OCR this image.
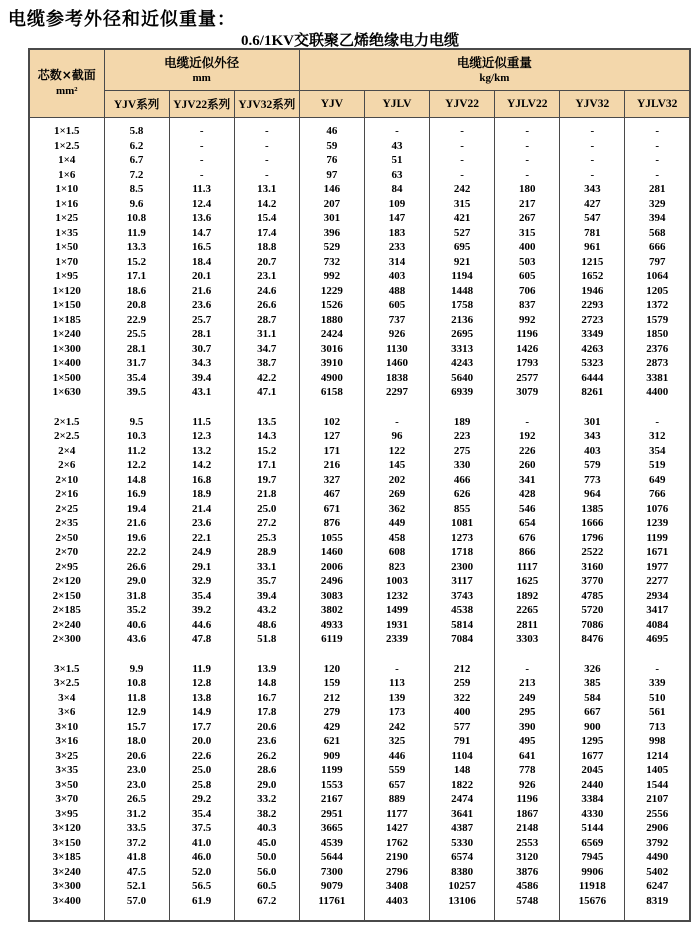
电缆参考外径和近似重量：
0.6/1KV交联聚乙烯绝缘电力电缆
芯数×截面
mm²	电缆近似外径
mm			电缆近似重量
kg/km					
	YJV系列	YJV22系列	YJV32系列	YJV	YJLV	YJV22	YJLV22	YJV32	YJLV32

1×1.5	5.8	-	-	46	-	-	-	-	-
1×2.5	6.2	-	-	59	43	-	-	-	-
1×4	6.7	-	-	76	51	-	-	-	-
1×6	7.2	-	-	97	63	-	-	-	-
1×10	8.5	11.3	13.1	146	84	242	180	343	281
1×16	9.6	12.4	14.2	207	109	315	217	427	329
1×25	10.8	13.6	15.4	301	147	421	267	547	394
1×35	11.9	14.7	17.4	396	183	527	315	781	568
1×50	13.3	16.5	18.8	529	233	695	400	961	666
1×70	15.2	18.4	20.7	732	314	921	503	1215	797
1×95	17.1	20.1	23.1	992	403	1194	605	1652	1064
1×120	18.6	21.6	24.6	1229	488	1448	706	1946	1205
1×150	20.8	23.6	26.6	1526	605	1758	837	2293	1372
1×185	22.9	25.7	28.7	1880	737	2136	992	2723	1579
1×240	25.5	28.1	31.1	2424	926	2695	1196	3349	1850
1×300	28.1	30.7	34.7	3016	1130	3313	1426	4263	2376
1×400	31.7	34.3	38.7	3910	1460	4243	1793	5323	2873
1×500	35.4	39.4	42.2	4900	1838	5640	2577	6444	3381
1×630	39.5	43.1	47.1	6158	2297	6939	3079	8261	4400

2×1.5	9.5	11.5	13.5	102	-	189	-	301	-
2×2.5	10.3	12.3	14.3	127	96	223	192	343	312
2×4	11.2	13.2	15.2	171	122	275	226	403	354
2×6	12.2	14.2	17.1	216	145	330	260	579	519
2×10	14.8	16.8	19.7	327	202	466	341	773	649
2×16	16.9	18.9	21.8	467	269	626	428	964	766
2×25	19.4	21.4	25.0	671	362	855	546	1385	1076
2×35	21.6	23.6	27.2	876	449	1081	654	1666	1239
2×50	19.6	22.1	25.3	1055	458	1273	676	1796	1199
2×70	22.2	24.9	28.9	1460	608	1718	866	2522	1671
2×95	26.6	29.1	33.1	2006	823	2300	1117	3160	1977
2×120	29.0	32.9	35.7	2496	1003	3117	1625	3770	2277
2×150	31.8	35.4	39.4	3083	1232	3743	1892	4785	2934
2×185	35.2	39.2	43.2	3802	1499	4538	2265	5720	3417
2×240	40.6	44.6	48.6	4933	1931	5814	2811	7086	4084
2×300	43.6	47.8	51.8	6119	2339	7084	3303	8476	4695

3×1.5	9.9	11.9	13.9	120	-	212	-	326	-
3×2.5	10.8	12.8	14.8	159	113	259	213	385	339
3×4	11.8	13.8	16.7	212	139	322	249	584	510
3×6	12.9	14.9	17.8	279	173	400	295	667	561
3×10	15.7	17.7	20.6	429	242	577	390	900	713
3×16	18.0	20.0	23.6	621	325	791	495	1295	998
3×25	20.6	22.6	26.2	909	446	1104	641	1677	1214
3×35	23.0	25.0	28.6	1199	559	148	778	2045	1405
3×50	23.0	25.8	29.0	1553	657	1822	926	2440	1544
3×70	26.5	29.2	33.2	2167	889	2474	1196	3384	2107
3×95	31.2	35.4	38.2	2951	1177	3641	1867	4330	2556
3×120	33.5	37.5	40.3	3665	1427	4387	2148	5144	2906
3×150	37.2	41.0	45.0	4539	1762	5330	2553	6569	3792
3×185	41.8	46.0	50.0	5644	2190	6574	3120	7945	4490
3×240	47.5	52.0	56.0	7300	2796	8380	3876	9906	5402
3×300	52.1	56.5	60.5	9079	3408	10257	4586	11918	6247
3×400	57.0	61.9	67.2	11761	4403	13106	5748	15676	8319
